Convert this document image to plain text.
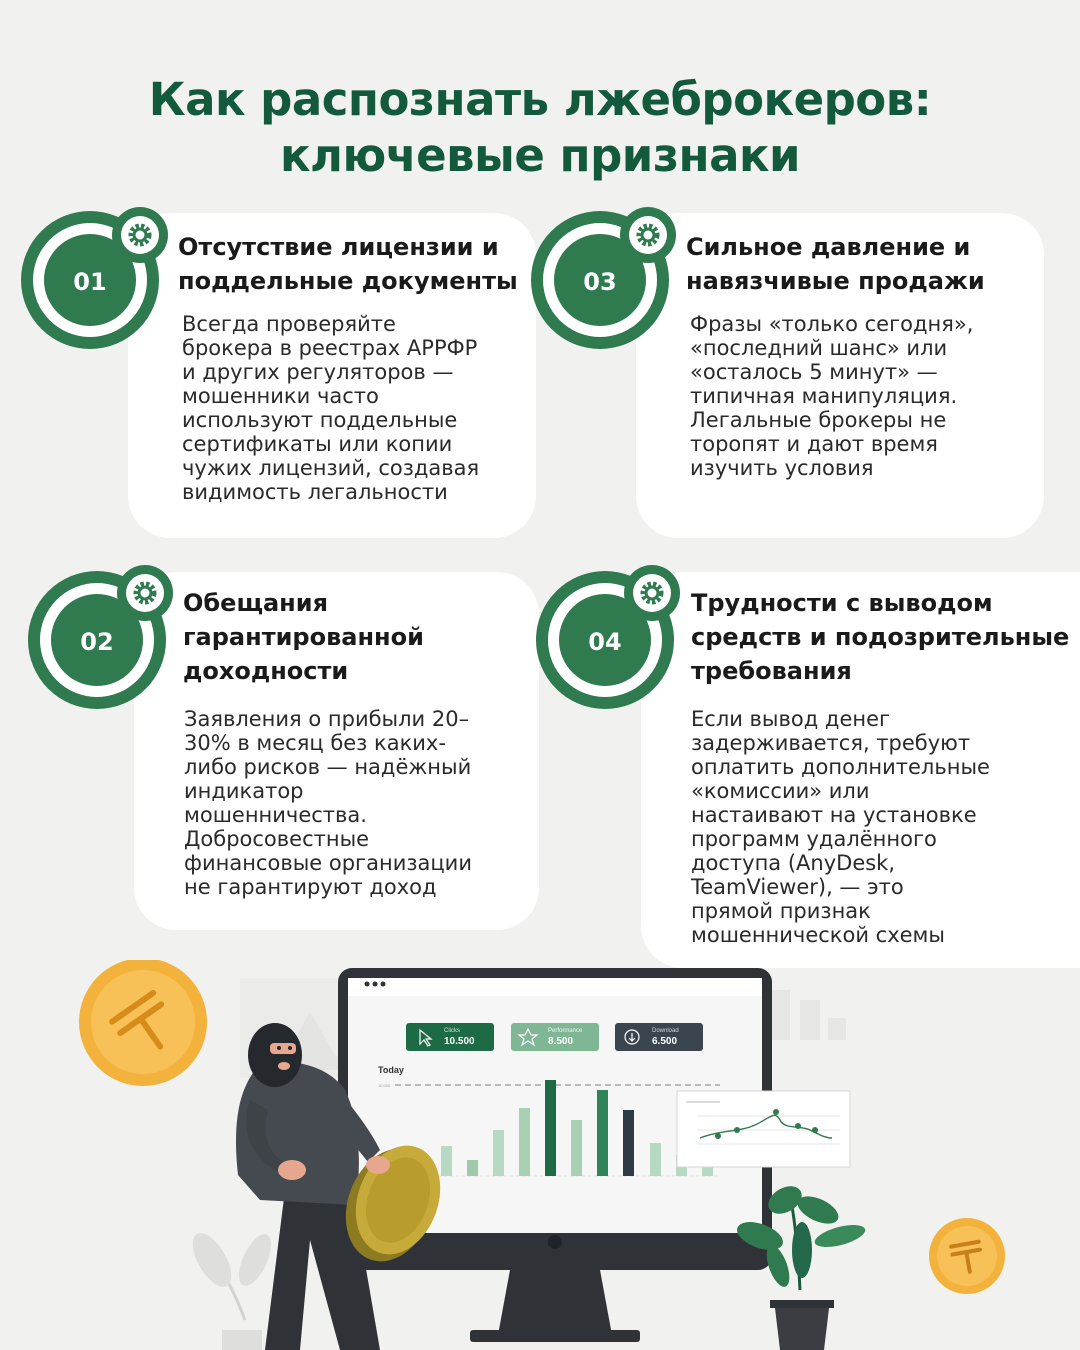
Как распознать лжеброкеров:
ключевые признаки
01
Отсутствие лицензии и
поддельные документы
Всегда проверяйте
брокера в реестрах АРРФР
и других регуляторов —
мошенники часто
используют поддельные
сертификаты или копии
чужих лицензий, создавая
видимость легальности
03
Сильное давление и
навязчивые продажи
Фразы «только сегодня»,
«последний шанс» или
«осталось 5 минут» —
типичная манипуляция.
Легальные брокеры не
торопят и дают время
изучить условия
02
Обещания
гарантированной
доходности
Заявления о прибыли 20–
30% в месяц без каких-
либо рисков — надёжный
индикатор
мошенничества.
Добросовестные
финансовые организации
не гарантируют доход
04
Трудности с выводом
средств и подозрительные
требования
Если вывод денег
задерживается, требуют
оплатить дополнительные
«комиссии» или
настаивают на установке
программ удалённого
доступа (AnyDesk,
TeamViewer), — это
прямой признак
мошеннической схемы
Clicks
10.500
Performance
8.500
Download
6.500
Today
10 000
